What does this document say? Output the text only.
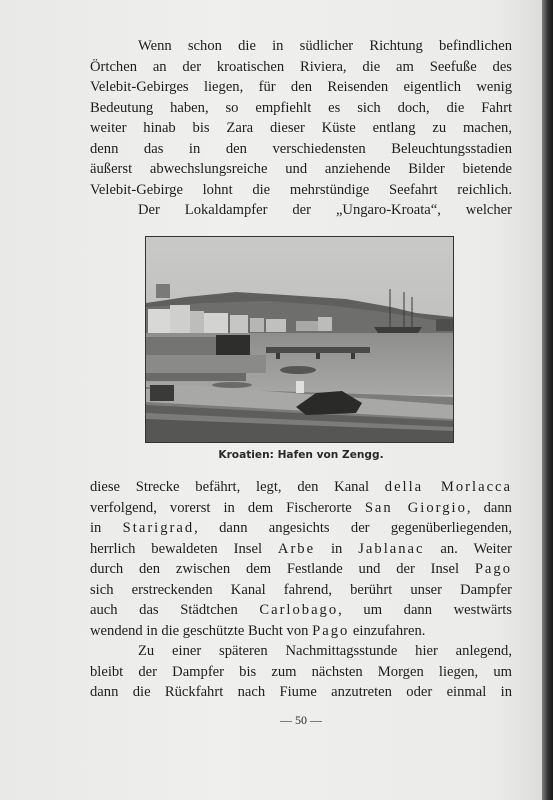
Wenn schon die in südlicher Richtung befindlichen
Örtchen an der kroatischen Riviera, die am Seefuße des
Velebit-Gebirges liegen, für den Reisenden eigentlich wenig
Bedeutung haben, so empfiehlt es sich doch, die Fahrt
weiter hinab bis Zara dieser Küste entlang zu machen,
denn das in den verschiedensten Beleuchtungsstadien
äußerst abwechslungsreiche und anziehende Bilder bietende
Velebit-Gebirge lohnt die mehrstündige Seefahrt reichlich.
Der Lokaldampfer der „Ungaro-Kroata“, welcher
Kroatien: Hafen von Zengg.
diese Strecke befährt, legt, den Kanal della Morlacca
verfolgend, vorerst in dem Fischerorte San Giorgio, dann
in Starigrad, dann angesichts der gegenüberliegenden,
herrlich bewaldeten Insel Arbe in Jablanac an. Weiter
durch den zwischen dem Festlande und der Insel Pago
sich erstreckenden Kanal fahrend, berührt unser Dampfer
auch das Städtchen Carlobago, um dann westwärts
wendend in die geschützte Bucht von Pago einzufahren.
Zu einer späteren Nachmittagsstunde hier anlegend,
bleibt der Dampfer bis zum nächsten Morgen liegen, um
dann die Rückfahrt nach Fiume anzutreten oder einmal in
— 50 —
